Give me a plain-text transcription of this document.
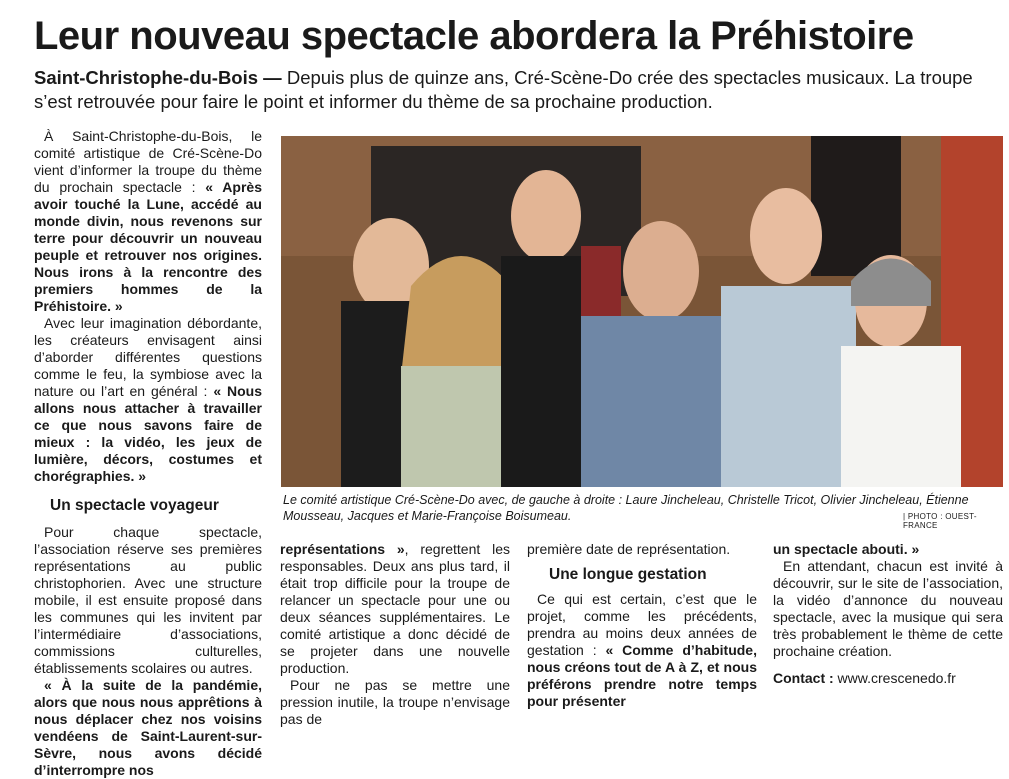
Leur nouveau spectacle abordera la Préhistoire
Saint-Christophe-du-Bois — Depuis plus de quinze ans, Cré-Scène-Do crée des spectacles musicaux. La troupe s’est retrouvée pour faire le point et informer du thème de sa prochaine production.

À Saint-Christophe-du-Bois, le comité artistique de Cré-Scène-Do vient d’informer la troupe du thème du prochain spectacle : « Après avoir touché la Lune, accédé au monde divin, nous revenons sur terre pour découvrir un nouveau peuple et retrouver nos origines. Nous irons à la rencontre des premiers hommes de la Préhistoire. »

Avec leur imagination débordante, les créateurs envisagent ainsi d’aborder différentes questions comme le feu, la symbiose avec la nature ou l’art en général : « Nous allons nous attacher à travailler ce que nous savons faire de mieux : la vidéo, les jeux de lumière, décors, costumes et chorégraphies. »

Un spectacle voyageur

Pour chaque spectacle, l’association réserve ses premières représentations au public christophorien. Avec une structure mobile, il est ensuite proposé dans les communes qui les invitent par l’intermédiaire d’associations, commissions culturelles, établissements scolaires ou autres.

« À la suite de la pandémie, alors que nous nous apprêtions à nous déplacer chez nos voisins vendéens de Saint-Laurent-sur-Sèvre, nous avons décidé d’interrompre nos

Le comité artistique Cré-Scène-Do avec, de gauche à droite : Laure Jincheleau, Christelle Tricot, Olivier Jincheleau, Étienne Mousseau, Jacques et Marie-Françoise Boisumeau.	| PHOTO : OUEST-FRANCE

représentations », regrettent les responsables. Deux ans plus tard, il était trop difficile pour la troupe de relancer un spectacle pour une ou deux séances supplémentaires. Le comité artistique a donc décidé de se projeter dans une nouvelle production.

Pour ne pas se mettre une pression inutile, la troupe n’envisage pas de

première date de représentation.

Une longue gestation

Ce qui est certain, c’est que le projet, comme les précédents, prendra au moins deux années de gestation : « Comme d’habitude, nous créons tout de A à Z, et nous préférons prendre notre temps pour présenter

un spectacle abouti. »

En attendant, chacun est invité à découvrir, sur le site de l’association, la vidéo d’annonce du nouveau spectacle, avec la musique qui sera très probablement le thème de cette prochaine création.

Contact : www.crescenedo.fr
